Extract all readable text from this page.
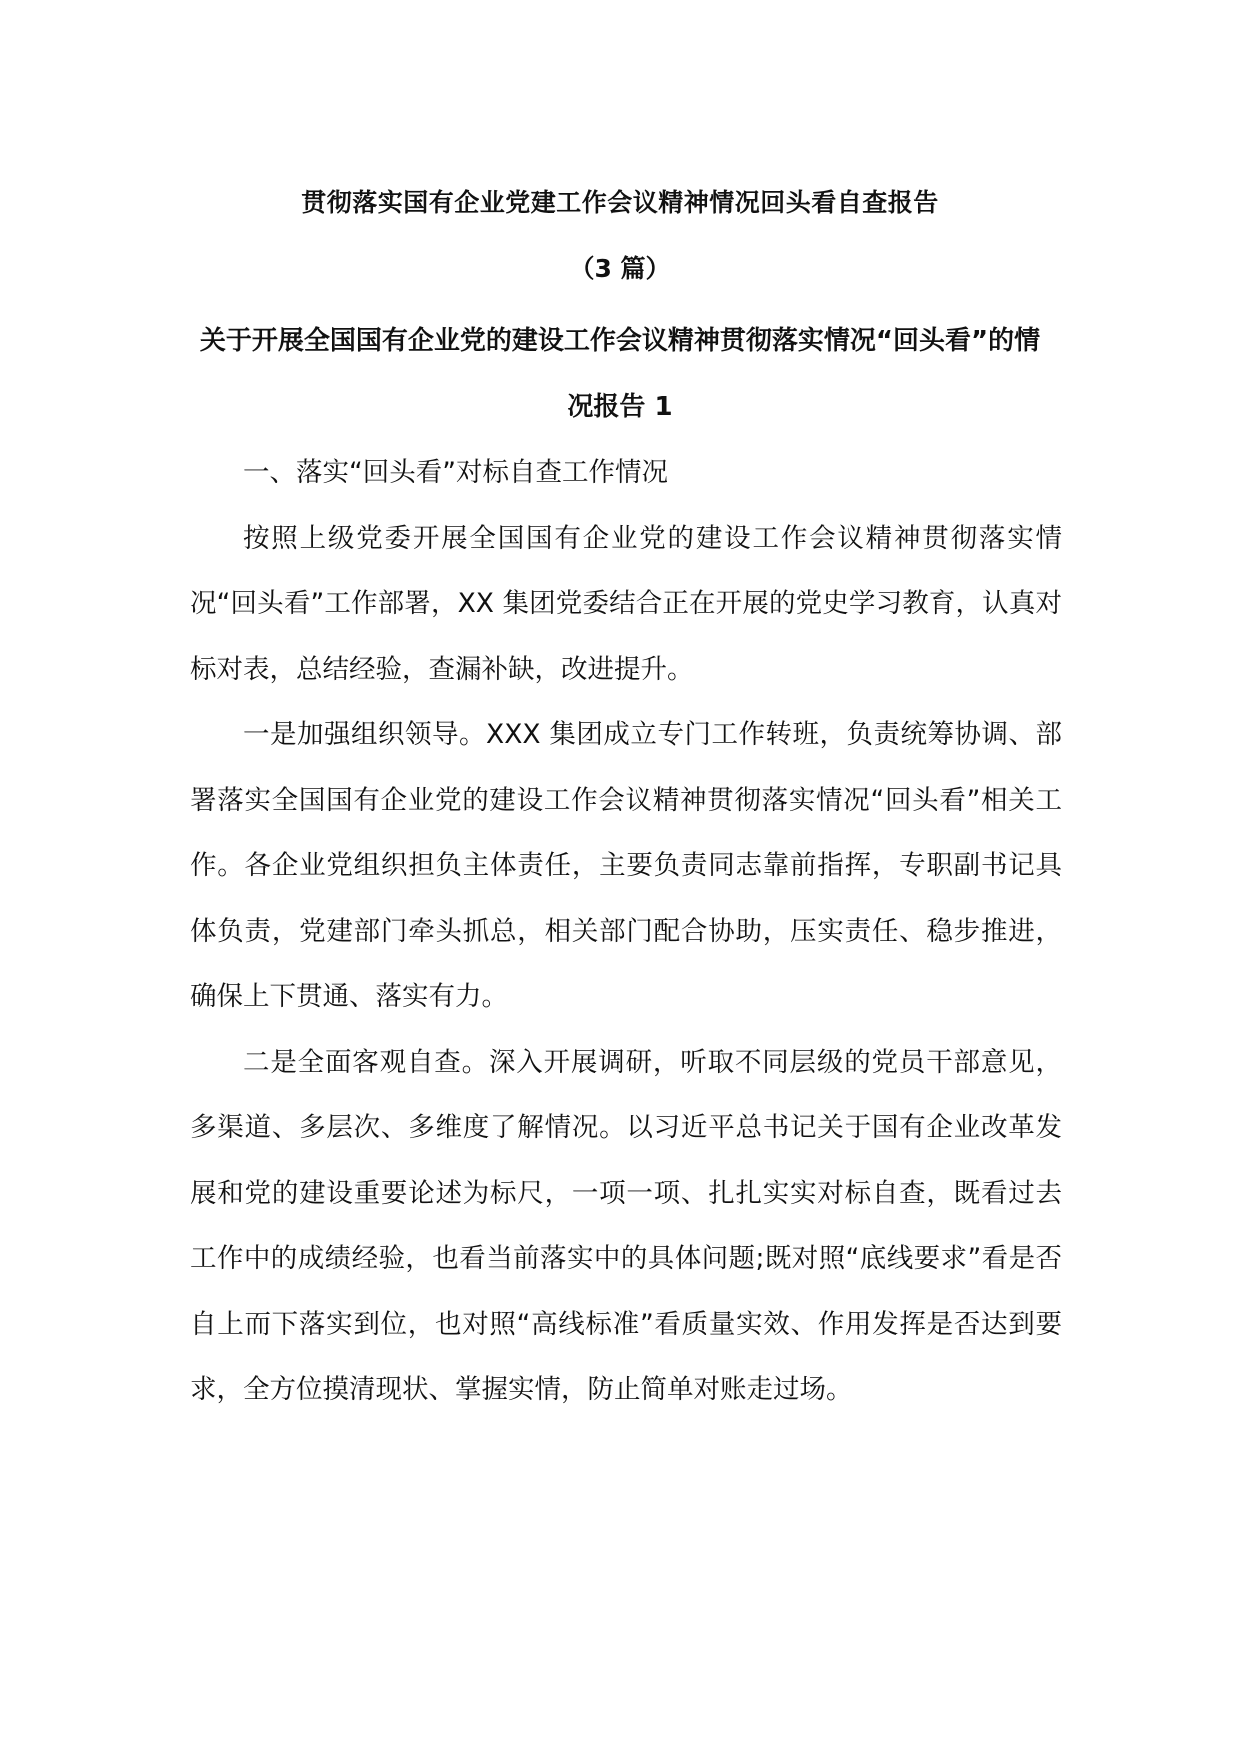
贯彻落实国有企业党建工作会议精神情况回头看自查报告
（3 篇）
关于开展全国国有企业党的建设工作会议精神贯彻落实情况“回头看”的情况报告 1

一、落实“回头看”对标自查工作情况

按照上级党委开展全国国有企业党的建设工作会议精神贯彻落实情况“回头看”工作部署，XX 集团党委结合正在开展的党史学习教育，认真对标对表，总结经验，查漏补缺，改进提升。

一是加强组织领导。XXX 集团成立专门工作转班，负责统筹协调、部署落实全国国有企业党的建设工作会议精神贯彻落实情况“回头看”相关工作。各企业党组织担负主体责任，主要负责同志靠前指挥，专职副书记具体负责，党建部门牵头抓总，相关部门配合协助，压实责任、稳步推进，确保上下贯通、落实有力。

二是全面客观自查。深入开展调研，听取不同层级的党员干部意见，多渠道、多层次、多维度了解情况。以习近平总书记关于国有企业改革发展和党的建设重要论述为标尺，一项一项、扎扎实实对标自查，既看过去工作中的成绩经验，也看当前落实中的具体问题;既对照“底线要求”看是否自上而下落实到位，也对照“高线标准”看质量实效、作用发挥是否达到要求，全方位摸清现状、掌握实情，防止简单对账走过场。
